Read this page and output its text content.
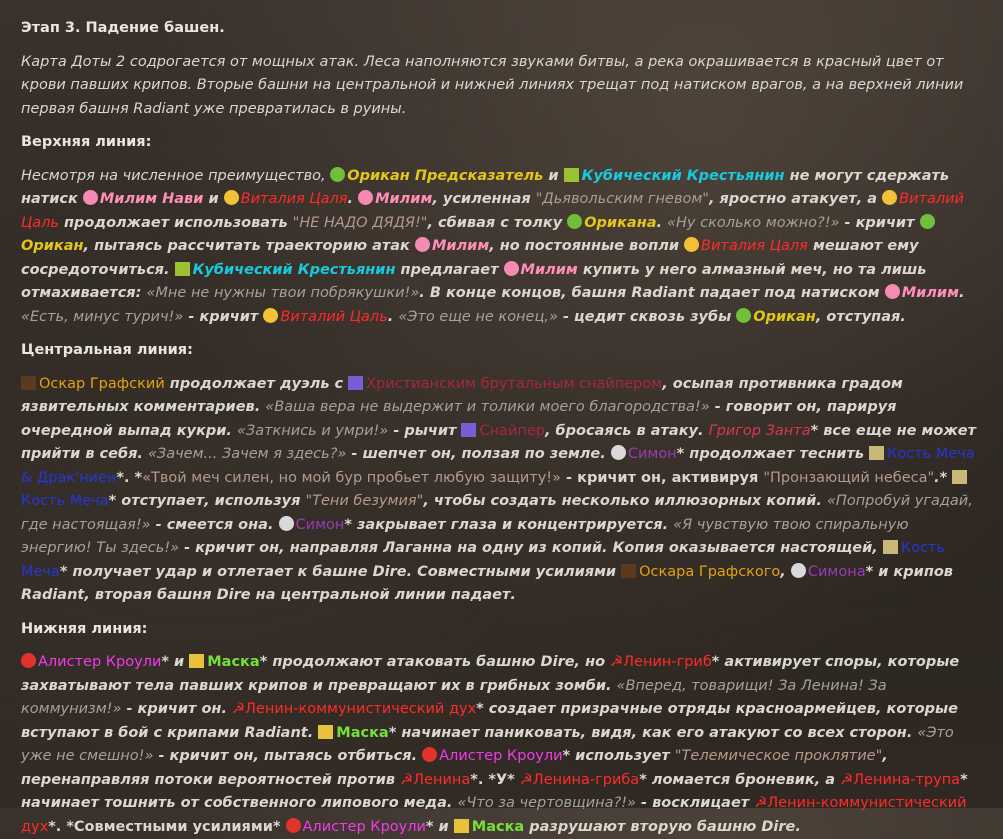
Этап 3. Падение башен.

Карта Доты 2 содрогается от мощных атак. Леса наполняются звуками битвы, а река окрашивается в красный цвет от крови павших крипов. Вторые башни на центральной и нижней линиях трещат под натиском врагов, а на верхней линии первая башня Radiant уже превратилась в руины.

Верхняя линия:

Несмотря на численное преимущество, Орикан Предсказатель и Кубический Крестьянин не могут сдержать натиск Милим Нави и Виталия Цаля. Милим, усиленная "Дьявольским гневом", яростно атакует, а Виталий Цаль продолжает использовать "НЕ НАДО ДЯДЯ!", сбивая с толку Орикана. «Ну сколько можно?!» - кричит Орикан, пытаясь рассчитать траекторию атак Милим, но постоянные вопли Виталия Цаля мешают ему сосредоточиться. Кубический Крестьянин предлагает Милим купить у него алмазный меч, но та лишь отмахивается: «Мне не нужны твои побрякушки!». В конце концов, башня Radiant падает под натиском Милим. «Есть, минус турич!» - кричит Виталий Цаль. «Это еще не конец,» - цедит сквозь зубы Орикан, отступая.

Центральная линия:

Оскар Графский продолжает дуэль с Христианским брутальным снайпером, осыпая противника градом язвительных комментариев. «Ваша вера не выдержит и толики моего благородства!» - говорит он, парируя очередной выпад кукри. «Заткнись и умри!» - рычит Снайпер, бросаясь в атаку. Григор Занта* все еще не может прийти в себя. «Зачем... Зачем я здесь?» - шепчет он, ползая по земле. Симон* продолжает теснить Кость Меча & Драк'ниен*. *«Твой меч силен, но мой бур пробьет любую защиту!» - кричит он, активируя "Пронзающий небеса".* Кость Меча* отступает, используя "Тени безумия", чтобы создать несколько иллюзорных копий. «Попробуй угадай, где настоящая!» - смеется она. Симон* закрывает глаза и концентрируется. «Я чувствую твою спиральную энергию! Ты здесь!» - кричит он, направляя Лаганна на одну из копий. Копия оказывается настоящей, Кость Меча* получает удар и отлетает к башне Dire. Совместными усилиями Оскара Графского, Симона* и крипов Radiant, вторая башня Dire на центральной линии падает.

Нижняя линия:

Алистер Кроули* и Маска* продолжают атаковать башню Dire, но ☭Ленин-гриб* активирует споры, которые захватывают тела павших крипов и превращают их в грибных зомби. «Вперед, товарищи! За Ленина! За коммунизм!» - кричит он. ☭Ленин-коммунистический дух* создает призрачные отряды красноармейцев, которые вступают в бой с крипами Radiant. Маска* начинает паниковать, видя, как его атакуют со всех сторон. «Это уже не смешно!» - кричит он, пытаясь отбиться. Алистер Кроули* использует "Телемическое проклятие", перенаправляя потоки вероятностей против ☭Ленина*. *У* ☭Ленина-гриба* ломается броневик, а ☭Ленина-трупа* начинает тошнить от собственного липового меда. «Что за чертовщина?!» - восклицает ☭Ленин-коммунистический дух*. *Совместными усилиями* Алистер Кроули* и Маска разрушают вторую башню Dire.
